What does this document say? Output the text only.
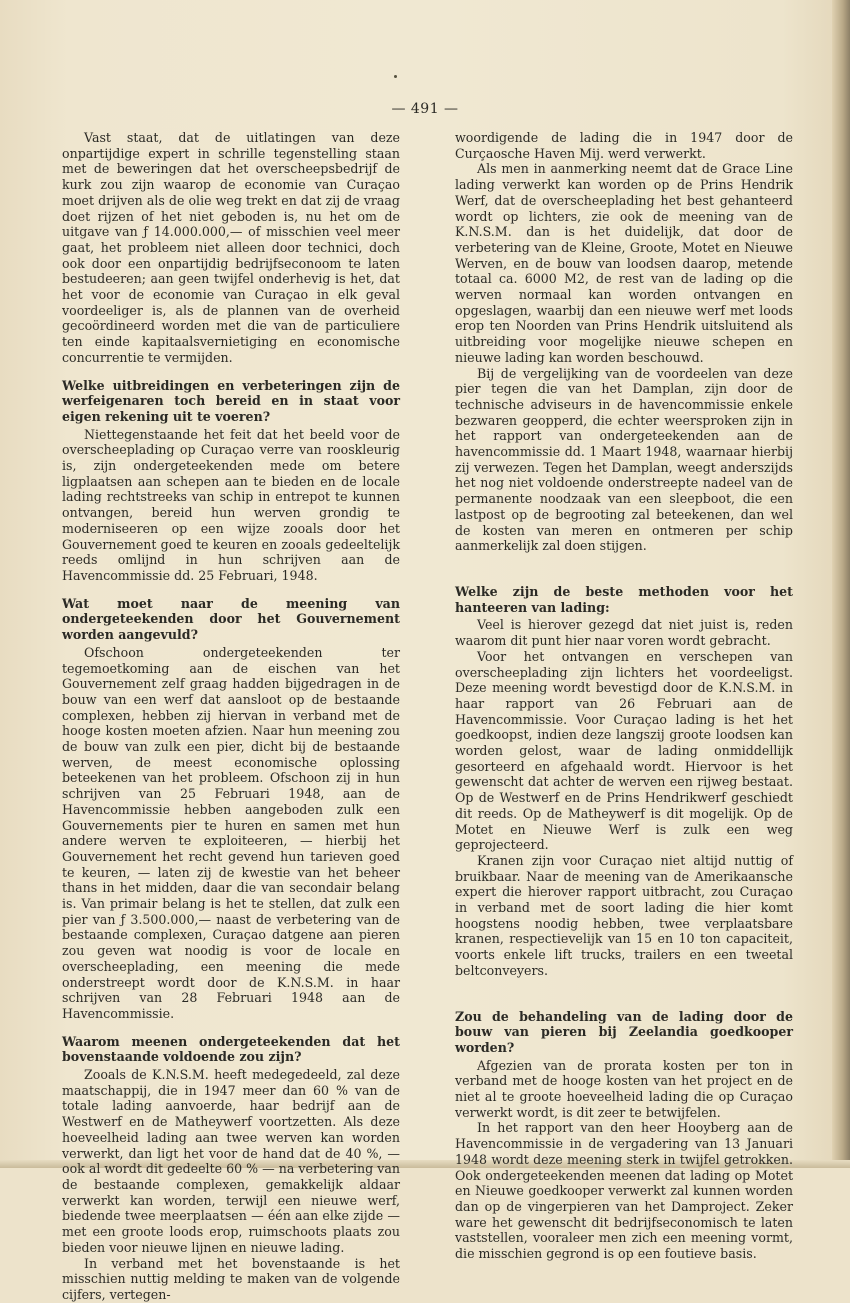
— 491 —

Vast staat, dat de uitlatingen van deze onpartijdige expert in schrille tegenstelling staan met de beweringen dat het overscheepsbedrijf de kurk zou zijn waarop de economie van Curaçao moet drijven als de olie weg trekt en dat zij de vraag doet rijzen of het niet geboden is, nu het om de uitgave van ƒ 14.000.000,— of misschien veel meer gaat, het probleem niet alleen door technici, doch ook door een onpartijdig bedrijfseconoom te laten bestudeeren; aan geen twijfel onderhevig is het, dat het voor de economie van Curaçao in elk geval voordeeliger is, als de plannen van de overheid gecoördineerd worden met die van de particuliere ten einde kapitaalsvernietiging en economische concurrentie te vermijden.

Welke uitbreidingen en verbeteringen zijn de werfeigenaren toch bereid en in staat voor eigen rekening uit te voeren?

Niettegenstaande het feit dat het beeld voor de overscheeplading op Curaçao verre van rooskleurig is, zijn ondergeteekenden mede om betere ligplaatsen aan schepen aan te bieden en de locale lading rechtstreeks van schip in entrepot te kunnen ontvangen, bereid hun werven grondig te moderniseeren op een wijze zooals door het Gouvernement goed te keuren en zooals gedeeltelijk reeds omlijnd in hun schrijven aan de Havencommissie dd. 25 Februari, 1948.

Wat moet naar de meening van ondergeteekenden door het Gouvernement worden aangevuld?

Ofschoon ondergeteekenden ter tegemoetkoming aan de eischen van het Gouvernement zelf graag hadden bijgedragen in de bouw van een werf dat aansloot op de bestaande complexen, hebben zij hiervan in verband met de hooge kosten moeten afzien. Naar hun meening zou de bouw van zulk een pier, dicht bij de bestaande werven, de meest economische oplossing beteekenen van het probleem. Ofschoon zij in hun schrijven van 25 Februari 1948, aan de Havencommissie hebben aangeboden zulk een Gouvernements pier te huren en samen met hun andere werven te exploiteeren, — hierbij het Gouvernement het recht gevend hun tarieven goed te keuren, — laten zij de kwestie van het beheer thans in het midden, daar die van secondair belang is. Van primair belang is het te stellen, dat zulk een pier van ƒ 3.500.000,— naast de verbetering van de bestaande complexen, Curaçao datgene aan pieren zou geven wat noodig is voor de locale en overscheeplading, een meening die mede onderstreept wordt door de K.N.S.M. in haar schrijven van 28 Februari 1948 aan de Havencommissie.

Waarom meenen ondergeteekenden dat het bovenstaande voldoende zou zijn?

Zooals de K.N.S.M. heeft medegedeeld, zal deze maatschappij, die in 1947 meer dan 60 % van de totale lading aanvoerde, haar bedrijf aan de Westwerf en de Matheywerf voortzetten. Als deze hoeveelheid lading aan twee werven kan worden verwerkt, dan ligt het voor de hand dat de 40 %, — ook al wordt dit gedeelte 60 % — na verbetering van de bestaande complexen, gemakkelijk aldaar verwerkt kan worden, terwijl een nieuwe werf, biedende twee meerplaatsen — één aan elke zijde — met een groote loods erop, ruimschoots plaats zou bieden voor nieuwe lijnen en nieuwe lading.

In verband met het bovenstaande is het misschien nuttig melding te maken van de volgende cijfers, vertegen-

woordigende de lading die in 1947 door de Curçaosche Haven Mij. werd verwerkt.

Als men in aanmerking neemt dat de Grace Line lading verwerkt kan worden op de Prins Hendrik Werf, dat de overscheeplading het best gehanteerd wordt op lichters, zie ook de meening van de K.N.S.M. dan is het duidelijk, dat door de verbetering van de Kleine, Groote, Motet en Nieuwe Werven, en de bouw van loodsen daarop, metende totaal ca. 6000 M2, de rest van de lading op die werven normaal kan worden ontvangen en opgeslagen, waarbij dan een nieuwe werf met loods erop ten Noorden van Prins Hendrik uitsluitend als uitbreiding voor mogelijke nieuwe schepen en nieuwe lading kan worden beschouwd.

Bij de vergelijking van de voordeelen van deze pier tegen die van het Damplan, zijn door de technische adviseurs in de havencommissie enkele bezwaren geopperd, die echter weersproken zijn in het rapport van ondergeteekenden aan de havencommissie dd. 1 Maart 1948, waarnaar hierbij zij verwezen. Tegen het Damplan, weegt anderszijds het nog niet voldoende onderstreepte nadeel van de permanente noodzaak van een sleepboot, die een lastpost op de begrooting zal beteekenen, dan wel de kosten van meren en ontmeren per schip aanmerkelijk zal doen stijgen.

Welke zijn de beste methoden voor het hanteeren van lading:

Veel is hierover gezegd dat niet juist is, reden waarom dit punt hier naar voren wordt gebracht.

Voor het ontvangen en verschepen van overscheeplading zijn lichters het voordeeligst. Deze meening wordt bevestigd door de K.N.S.M. in haar rapport van 26 Februari aan de Havencommissie. Voor Curaçao lading is het het goedkoopst, indien deze langszij groote loodsen kan worden gelost, waar de lading onmiddellijk gesorteerd en afgehaald wordt. Hiervoor is het gewenscht dat achter de werven een rijweg bestaat. Op de Westwerf en de Prins Hendrikwerf geschiedt dit reeds. Op de Matheywerf is dit mogelijk. Op de Motet en Nieuwe Werf is zulk een weg geprojecteerd.

Kranen zijn voor Curaçao niet altijd nuttig of bruikbaar. Naar de meening van de Amerikaansche expert die hierover rapport uitbracht, zou Curaçao in verband met de soort lading die hier komt hoogstens noodig hebben, twee verplaatsbare kranen, respectievelijk van 15 en 10 ton capaciteit, voorts enkele lift trucks, trailers en een tweetal beltconveyers.

Zou de behandeling van de lading door de bouw van pieren bij Zeelandia goedkooper worden?

Afgezien van de prorata kosten per ton in verband met de hooge kosten van het project en de niet al te groote hoeveelheid lading die op Curaçao verwerkt wordt, is dit zeer te betwijfelen.

In het rapport van den heer Hooyberg aan de Havencommissie in de vergadering van 13 Januari 1948 wordt deze meening sterk in twijfel getrokken. Ook ondergeteekenden meenen dat lading op Motet en Nieuwe goedkooper verwerkt zal kunnen worden dan op de vingerpieren van het Damproject. Zeker ware het gewenscht dit bedrijfseconomisch te laten vaststellen, vooraleer men zich een meening vormt, die misschien gegrond is op een foutieve basis.
